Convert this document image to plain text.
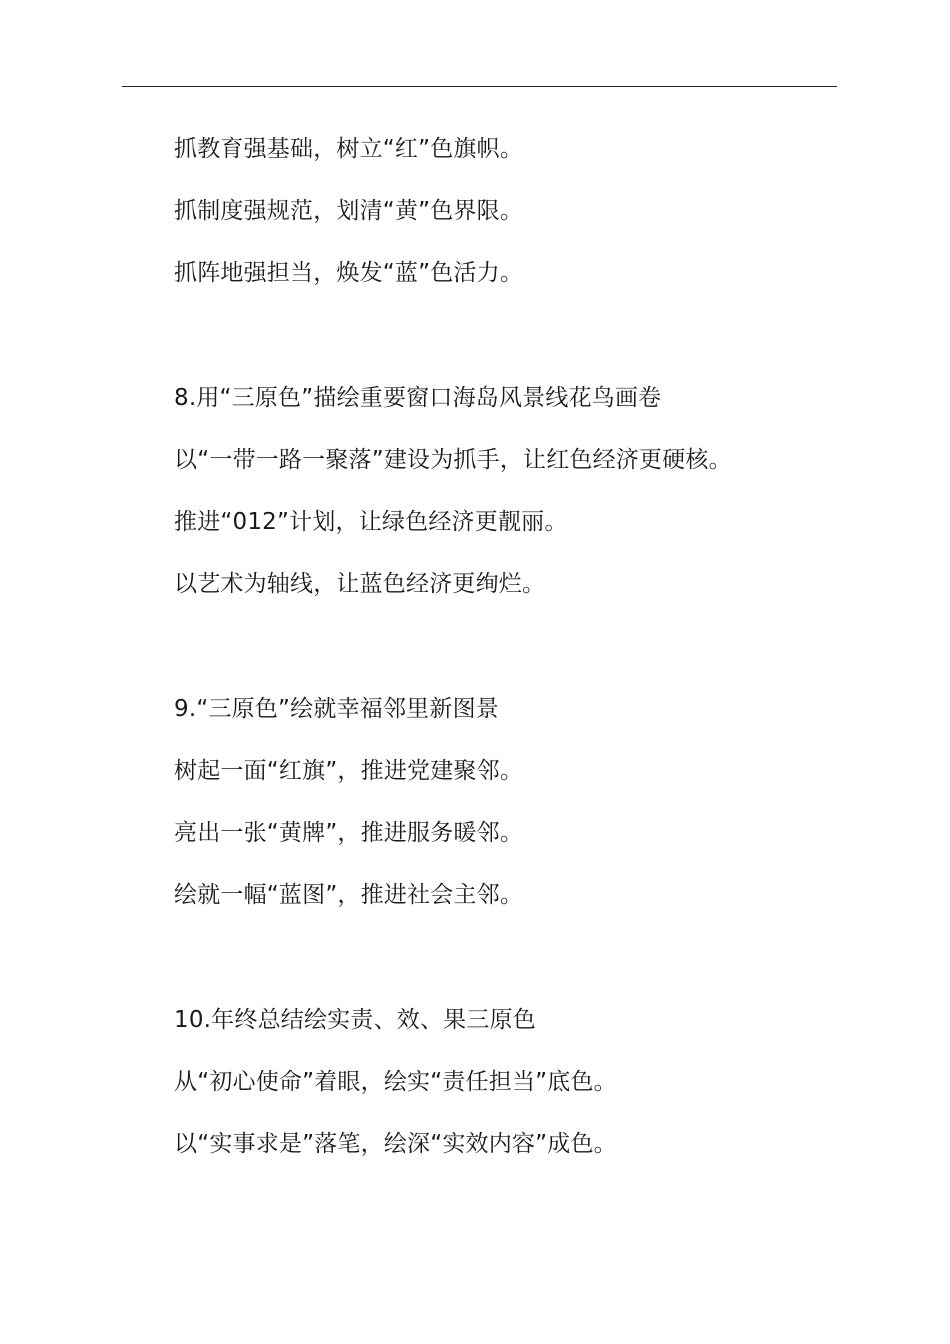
抓教育强基础，树立“红”色旗帜。
抓制度强规范，划清“黄”色界限。
抓阵地强担当，焕发“蓝”色活力。
8.用“三原色”描绘重要窗口海岛风景线花鸟画卷
以“一带一路一聚落”建设为抓手，让红色经济更硬核。
推进“012”计划，让绿色经济更靓丽。
以艺术为轴线，让蓝色经济更绚烂。
9.“三原色”绘就幸福邻里新图景
树起一面“红旗”，推进党建聚邻。
亮出一张“黄牌”，推进服务暖邻。
绘就一幅“蓝图”，推进社会主邻。
10.年终总结绘实责、效、果三原色
从“初心使命”着眼，绘实“责任担当”底色。
以“实事求是”落笔，绘深“实效内容”成色。
